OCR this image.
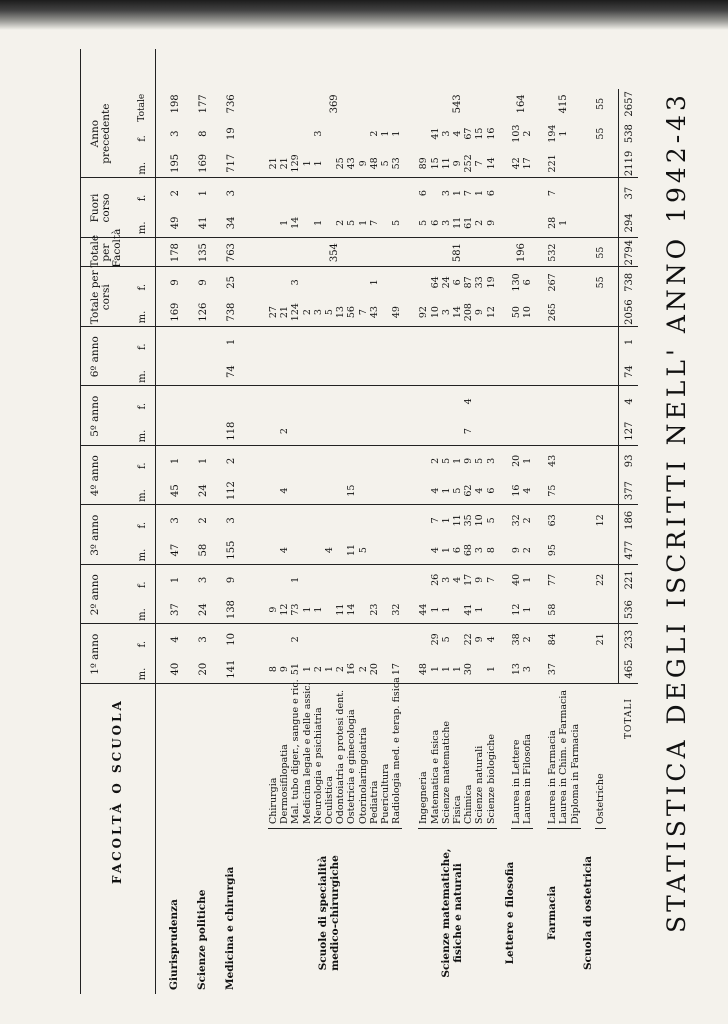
STATISTICA DEGLI ISCRITTI NELL' ANNO 1942-43
FACOLTÀ O SCUOLA
1º anno
2º anno
3º anno
4º anno
5º anno
6º anno
Totale per corsi
Totale per Facoltà
Fuori corso
Anno precedente
m.
f.
m.
f.
m.
f.
m.
f.
m.
f.
m.
f.
m.
f.
m.
f.
m.
f.
Totale
Giurisprudenza
40
4
37
1
47
3
45
1
169
9
178
49
2
195
3
198
Scienze politiche
20
3
24
3
58
2
24
1
126
9
135
41
1
169
8
177
Medicina e chirurgia
141
10
138
9
155
3
112
2
118
74
1
738
25
763
34
3
717
19
736
Chirurgia
8
9
27
21
Dermosifilopatia
9
12
4
4
2
21
1
21
Mal. tubo diger., sangue e ric.
51
2
73
1
124
3
14
129
Medicina legale e delle assic.
1
1
2
1
Neurologia e psichiatria
2
1
3
1
1
3
Oculistica
1
4
5
Odontoiatria e protesi dent.
2
11
13
2
25
Ostetricia e ginecologia
16
14
11
15
56
5
43
Otorinolaringoiatria
2
5
7
1
9
Pediatria
20
23
43
1
7
48
2
Puericultura
5
1
Radiologia med. e terap. fisica
17
32
49
5
53
1
Ingegneria
48
44
92
5
6
89
Matematica e fisica
1
29
1
26
4
7
4
2
10
64
6
15
41
Scienze matematiche
1
5
1
3
1
1
1
5
3
24
3
3
11
3
Fisica
1
4
6
11
5
1
14
6
11
1
9
4
Chimica
30
22
41
17
68
35
62
9
7
4
208
87
61
7
252
67
Scienze naturali
9
1
9
3
10
4
5
9
33
2
1
7
15
Scienze biologiche
1
4
7
8
5
6
3
12
19
9
6
14
16
Laurea in Lettere
13
38
12
40
9
32
16
20
50
130
42
103
Laurea in Filosofia
3
2
1
1
2
2
4
1
10
6
17
2
Laurea in Farmacia
37
84
58
77
95
63
75
43
265
267
532
28
7
221
194
Laurea in Chim. e Farmacia
1
1
Diploma in Farmacia Ostetriche
21
22
12
55
55
55
55
TOTALI
465
233
536
221
477
186
377
93
127
4
74
1
2056
738
2794
294
37
2119
538
2657
Scuole di specialità medico-chirurgiche
354
369
Scienze matematiche, fisiche e naturali
581
543
Lettere e filosofia
196
164
Farmacia
415
Scuola di ostetricia
